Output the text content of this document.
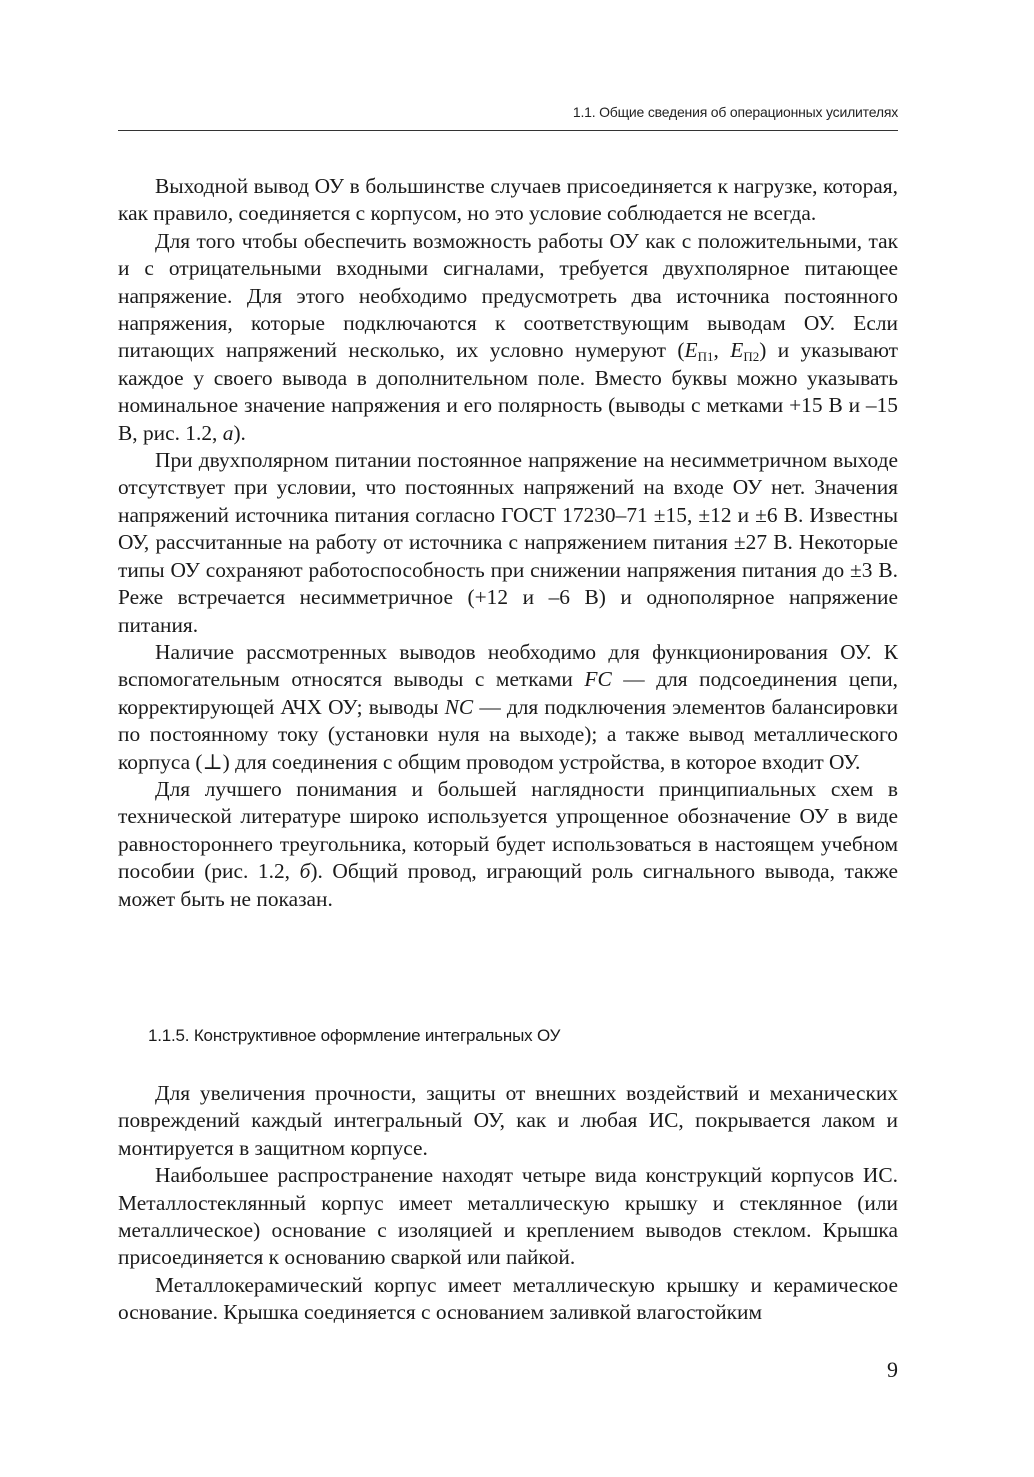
1.1. Общие сведения об операционных усилителях

Выходной вывод ОУ в большинстве случаев присоединяется к нагрузке, которая, как правило, соединяется с корпусом, но это условие соблюдается не всегда.

Для того чтобы обеспечить возможность работы ОУ как с положительными, так и с отрицательными входными сигналами, требуется двухполярное питающее напряжение. Для этого необходимо предусмотреть два источника постоянного напряжения, которые подключаются к соответствующим выводам ОУ. Если питающих напряжений несколько, их условно нумеруют ($E_{П1}$, $E_{П2}$) и указывают каждое у своего вывода в дополнительном поле. Вместо буквы можно указывать номинальное значение напряжения и его полярность (выводы с метками +15 В и –15 В, рис. 1.2, а).

При двухполярном питании постоянное напряжение на несимметричном выходе отсутствует при условии, что постоянных напряжений на входе ОУ нет. Значения напряжений источника питания согласно ГОСТ 17230–71 ±15, ±12 и ±6 В. Известны ОУ, рассчитанные на работу от источника с напряжением питания ±27 В. Некоторые типы ОУ сохраняют работоспособность при снижении напряжения питания до ±3 В. Реже встречается несимметричное (+12 и –6 В) и однополярное напряжение питания.

Наличие рассмотренных выводов необходимо для функционирования ОУ. К вспомогательным относятся выводы с метками FC — для подсоединения цепи, корректирующей АЧХ ОУ; выводы NC — для подключения элементов балансировки по постоянному току (установки нуля на выходе); а также вывод металлического корпуса (⊥) для соединения с общим проводом устройства, в которое входит ОУ.

Для лучшего понимания и большей наглядности принципиальных схем в технической литературе широко используется упрощенное обозначение ОУ в виде равностороннего треугольника, который будет использоваться в настоящем учебном пособии (рис. 1.2, б). Общий провод, играющий роль сигнального вывода, также может быть не показан.

1.1.5. Конструктивное оформление интегральных ОУ

Для увеличения прочности, защиты от внешних воздействий и механических повреждений каждый интегральный ОУ, как и любая ИС, покрывается лаком и монтируется в защитном корпусе.

Наибольшее распространение находят четыре вида конструкций корпусов ИС. Металлостеклянный корпус имеет металлическую крышку и стеклянное (или металлическое) основание с изоляцией и креплением выводов стеклом. Крышка присоединяется к основанию сваркой или пайкой.

Металлокерамический корпус имеет металлическую крышку и керамическое основание. Крышка соединяется с основанием заливкой влагостойким

9
